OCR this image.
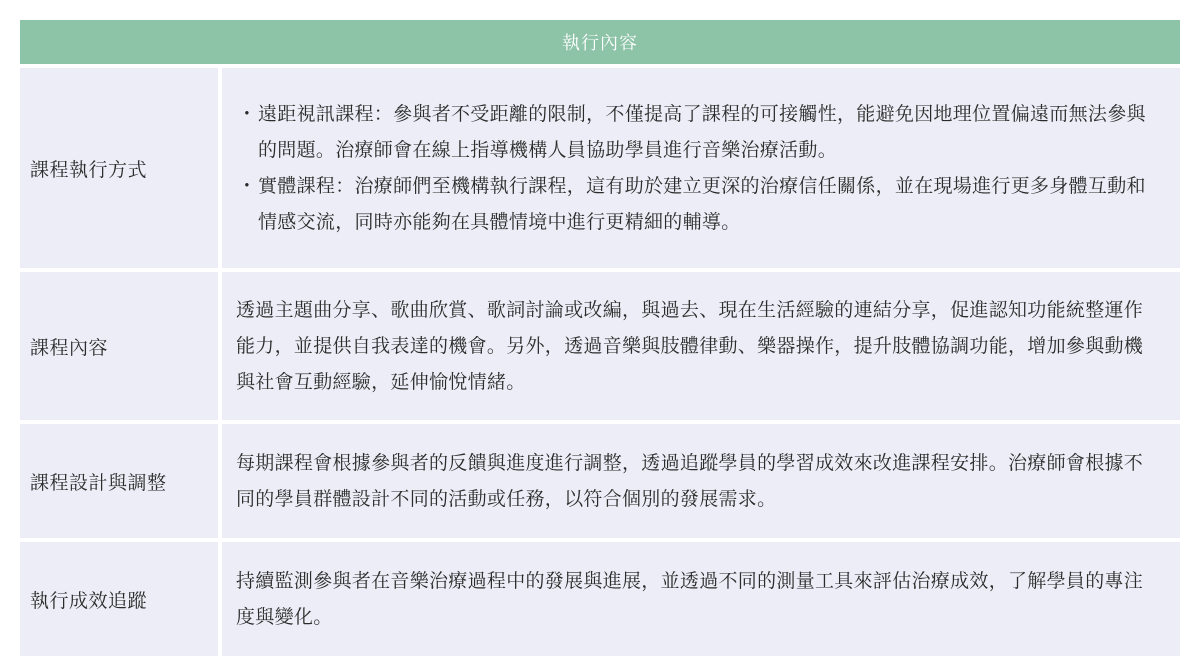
執行內容
課程執行方式
・ 遠距視訊課程：參與者不受距離的限制，不僅提高了課程的可接觸性，能避免因地理位置偏遠而無法參與的問題。治療師會在線上指導機構人員協助學員進行音樂治療活動。
・ 實體課程：治療師們至機構執行課程，這有助於建立更深的治療信任關係，並在現場進行更多身體互動和情感交流，同時亦能夠在具體情境中進行更精細的輔導。
課程內容
透過主題曲分享、歌曲欣賞、歌詞討論或改編，與過去、現在生活經驗的連結分享，促進認知功能統整運作能力，並提供自我表達的機會。另外，透過音樂與肢體律動、樂器操作，提升肢體協調功能，增加參與動機與社會互動經驗，延伸愉悅情緒。
課程設計與調整
每期課程會根據參與者的反饋與進度進行調整，透過追蹤學員的學習成效來改進課程安排。治療師會根據不同的學員群體設計不同的活動或任務，以符合個別的發展需求。
執行成效追蹤
持續監測參與者在音樂治療過程中的發展與進展，並透過不同的測量工具來評估治療成效，了解學員的專注度與變化。
